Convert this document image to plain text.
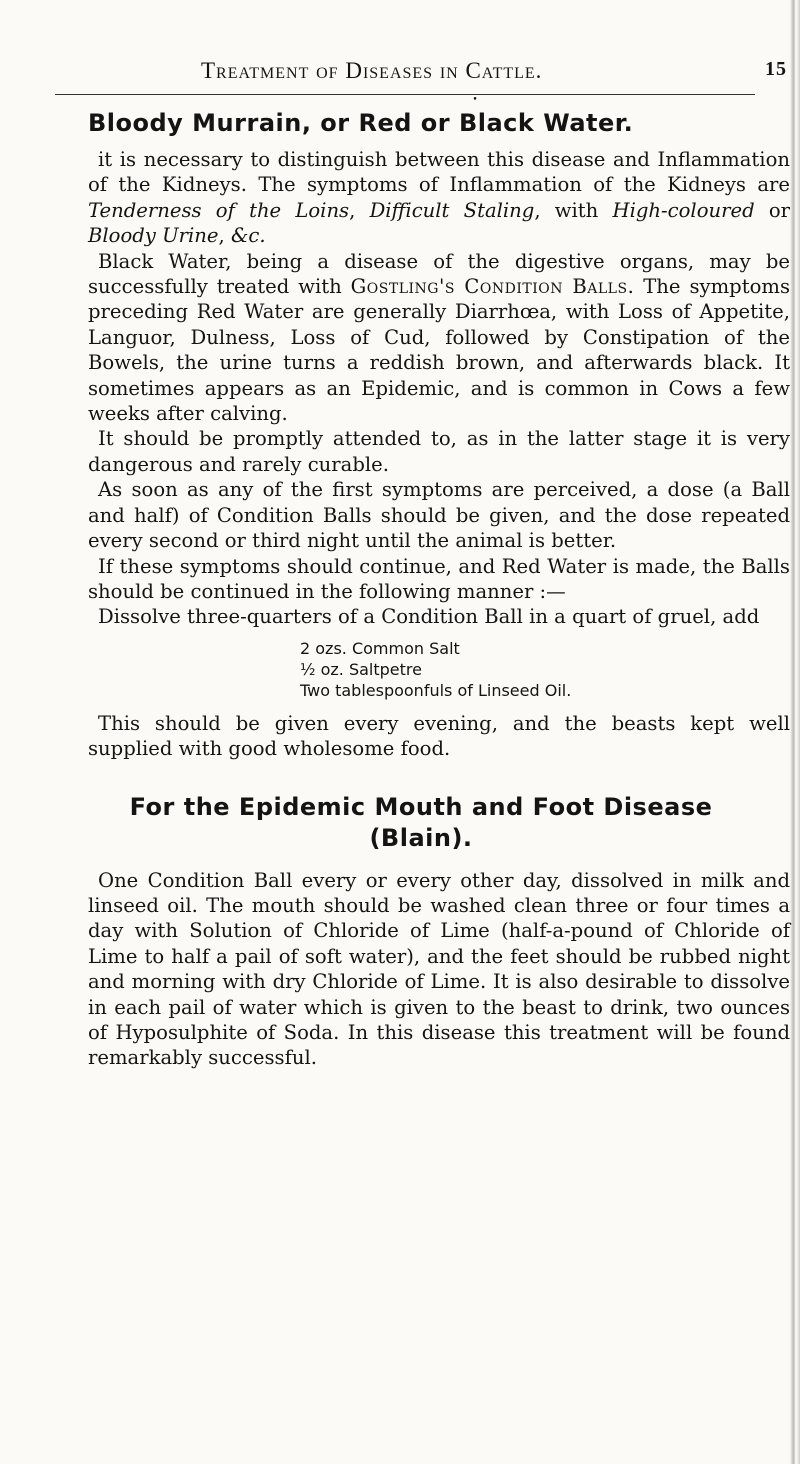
Treatment of Diseases in Cattle.	15
•
Bloody Murrain, or Red or Black Water.

it is necessary to distinguish between this disease and Inflammation of the Kidneys. The symptoms of Inflammation of the Kidneys are Tenderness of the Loins, Difficult Staling, with High-coloured or Bloody Urine, &c.

Black Water, being a disease of the digestive organs, may be successfully treated with Gostling's Condition Balls. The symptoms preceding Red Water are generally Diarrhœa, with Loss of Appetite, Languor, Dulness, Loss of Cud, followed by Constipation of the Bowels, the urine turns a reddish brown, and afterwards black. It sometimes appears as an Epidemic, and is common in Cows a few weeks after calving.

It should be promptly attended to, as in the latter stage it is very dangerous and rarely curable.

As soon as any of the first symptoms are perceived, a dose (a Ball and half) of Condition Balls should be given, and the dose repeated every second or third night until the animal is better.

If these symptoms should continue, and Red Water is made, the Balls should be continued in the following manner :—

Dissolve three-quarters of a Condition Ball in a quart of gruel, add

2 ozs. Common Salt
½ oz. Saltpetre
Two tablespoonfuls of Linseed Oil.

This should be given every evening, and the beasts kept well supplied with good wholesome food.

For the Epidemic Mouth and Foot Disease
(Blain).

One Condition Ball every or every other day, dissolved in milk and linseed oil. The mouth should be washed clean three or four times a day with Solution of Chloride of Lime (half-a-pound of Chloride of Lime to half a pail of soft water), and the feet should be rubbed night and morning with dry Chloride of Lime. It is also desirable to dissolve in each pail of water which is given to the beast to drink, two ounces of Hyposulphite of Soda. In this disease this treatment will be found remarkably successful.
